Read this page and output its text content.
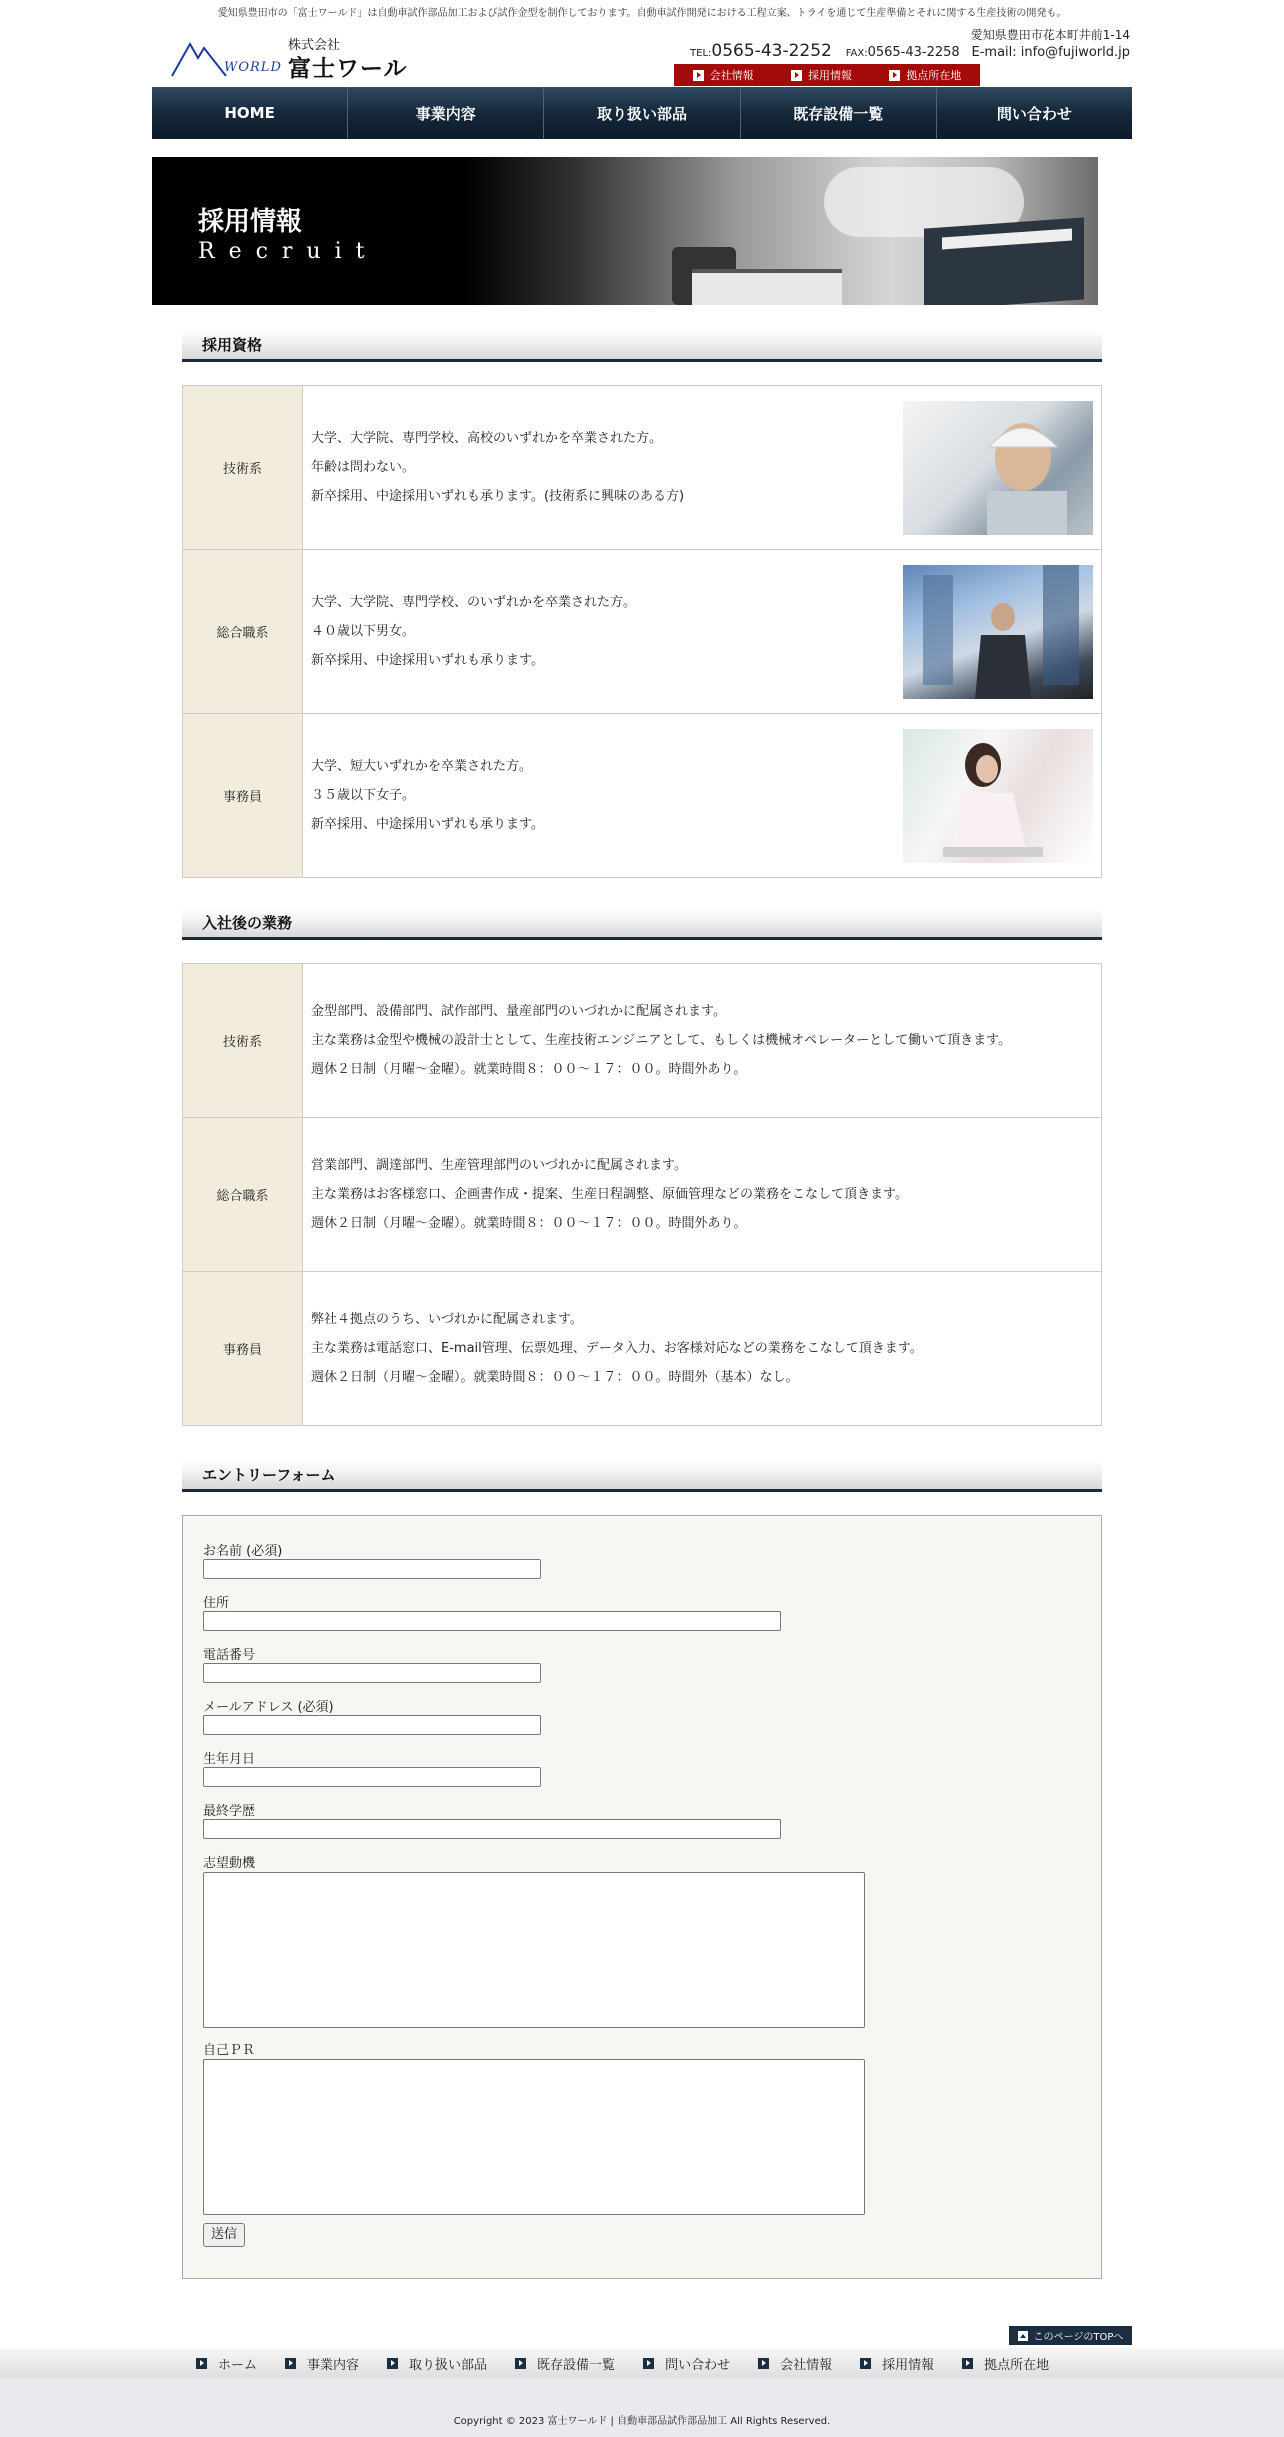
愛知県豊田市の「富士ワールド」は自動車試作部品加工および試作金型を制作しております。自動車試作開発における工程立案、トライを通じて生産準備とそれに関する生産技術の開発も。
WORLD
株式会社
富士ワール
愛知県豊田市花本町井前1-14
TEL:0565-43-2252 FAX:0565-43-2258 E-mail: info@fujiworld.jp
会社情報	採用情報	拠点所在地
HOME	事業内容	取り扱い部品	既存設備一覧	問い合わせ
採用情報
Recruit
採用資格
技術系	大学、大学院、専門学校、高校のいずれかを卒業された方。
年齢は問わない。
新卒採用、中途採用いずれも承ります。(技術系に興味のある方)

総合職系	大学、大学院、専門学校、のいずれかを卒業された方。
４０歳以下男女。
新卒採用、中途採用いずれも承ります。

事務員	大学、短大いずれかを卒業された方。
３５歳以下女子。
新卒採用、中途採用いずれも承ります。
入社後の業務
技術系	金型部門、設備部門、試作部門、量産部門のいづれかに配属されます。
主な業務は金型や機械の設計士として、生産技術エンジニアとして、もしくは機械オペレーターとして働いて頂きます。
週休２日制（月曜～金曜）。就業時間８：００～１７：００。時間外あり。

総合職系	営業部門、調達部門、生産管理部門のいづれかに配属されます。
主な業務はお客様窓口、企画書作成・提案、生産日程調整、原価管理などの業務をこなして頂きます。
週休２日制（月曜～金曜）。就業時間８：００～１７：００。時間外あり。

事務員	弊社４拠点のうち、いづれかに配属されます。
主な業務は電話窓口、E-mail管理、伝票処理、データ入力、お客様対応などの業務をこなして頂きます。
週休２日制（月曜～金曜）。就業時間８：００～１７：００。時間外（基本）なし。
エントリーフォーム
お名前 (必須)
住所
電話番号
メールアドレス (必須)
生年月日
最終学歴
志望動機
自己ＰＲ
送信
このページのTOPへ
ホーム	事業内容	取り扱い部品	既存設備一覧	問い合わせ	会社情報	採用情報	拠点所在地
Copyright © 2023 富士ワールド | 自動車部品試作部品加工 All Rights Reserved.
